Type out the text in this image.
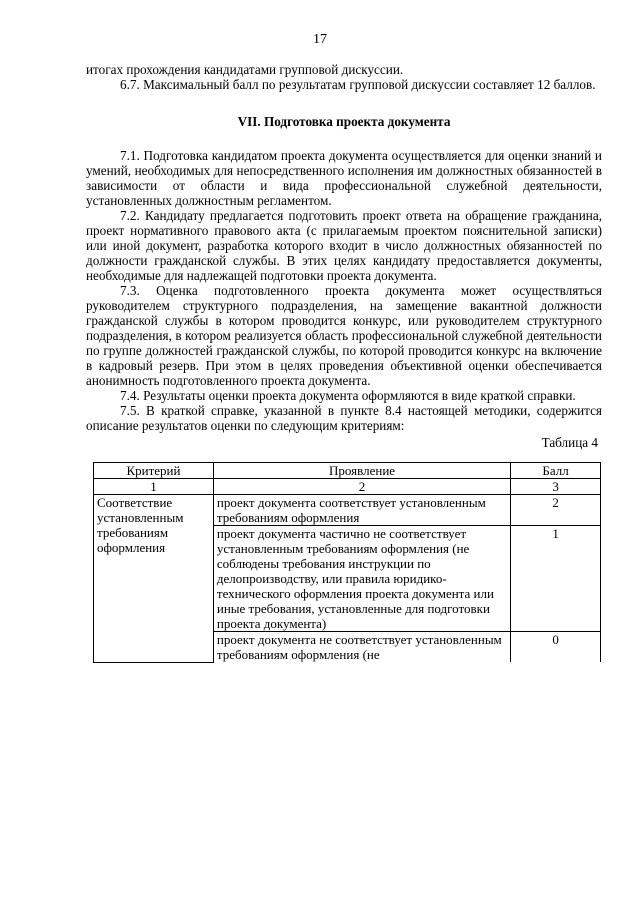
17

итогах прохождения кандидатами групповой дискуссии.

6.7. Максимальный балл по результатам групповой дискуссии составляет 12 баллов.

VII. Подготовка проекта документа

7.1. Подготовка кандидатом проекта документа осуществляется для оценки знаний и умений, необходимых для непосредственного исполнения им должностных обязанностей в зависимости от области и вида профессиональной служебной деятельности, установленных должностным регламентом.

7.2. Кандидату предлагается подготовить проект ответа на обращение гражданина, проект нормативного правового акта (с прилагаемым проектом пояснительной записки) или иной документ, разработка которого входит в число должностных обязанностей по должности гражданской службы. В этих целях кандидату предоставляется документы, необходимые для надлежащей подготовки проекта документа.

7.3. Оценка подготовленного проекта документа может осуществляться руководителем структурного подразделения, на замещение вакантной должности гражданской службы в котором проводится конкурс, или руководителем структурного подразделения, в котором реализуется область профессиональной служебной деятельности по группе должностей гражданской службы, по которой проводится конкурс на включение в кадровый резерв. При этом в целях проведения объективной оценки обеспечивается анонимность подготовленного проекта документа.

7.4. Результаты оценки проекта документа оформляются в виде краткой справки.

7.5. В краткой справке, указанной в пункте 8.4 настоящей методики, содержится описание результатов оценки по следующим критериям:

Таблица 4

Критерий	Проявление	Балл
1	2	3
Соответствие установленным требованиям оформления	проект документа соответствует установленным требованиям оформления	2
	проект документа частично не соответствует установленным требованиям оформления (не соблюдены требования инструкции по делопроизводству, или правила юридико-технического оформления проекта документа или иные требования, установленные для подготовки проекта документа)	1
	проект документа не соответствует установленным требованиям оформления (не	0
